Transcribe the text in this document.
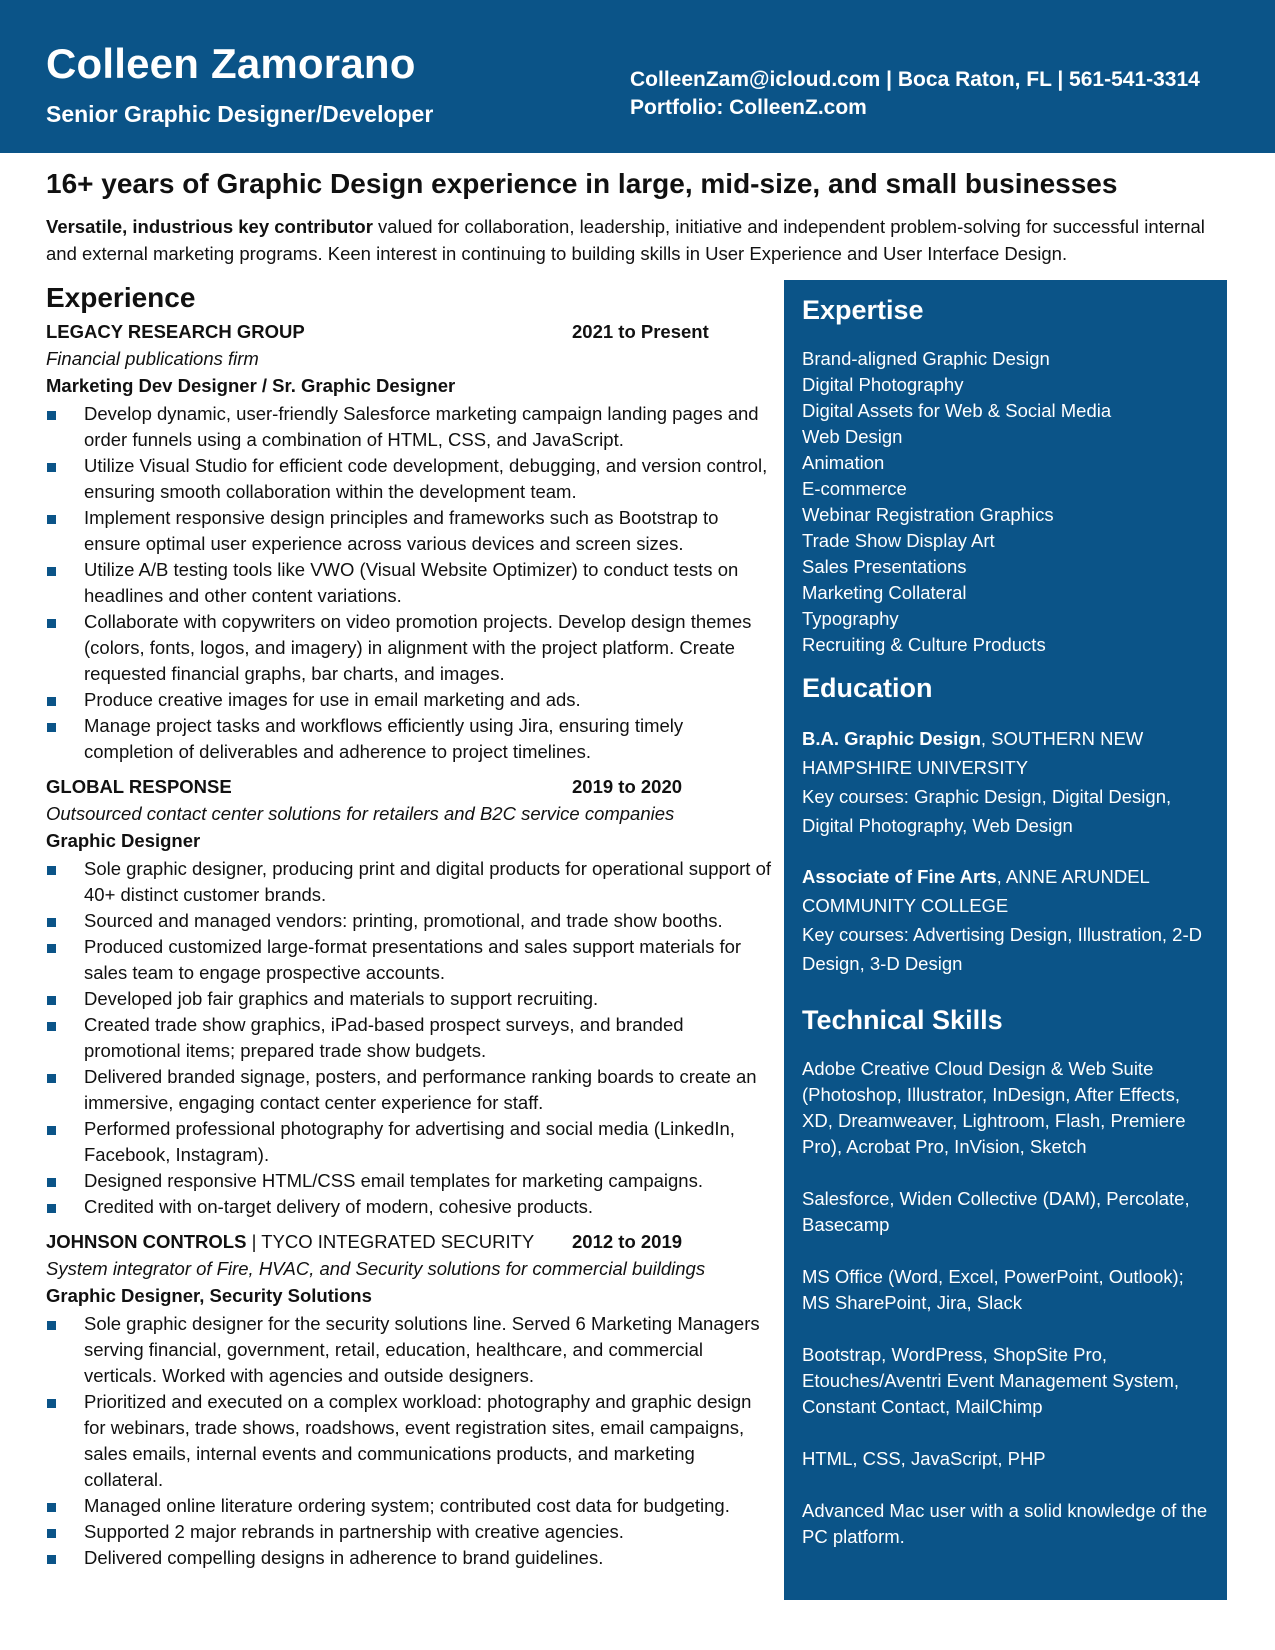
Colleen Zamorano
Senior Graphic Designer/Developer
ColleenZam@icloud.com | Boca Raton, FL | 561-541-3314
Portfolio: ColleenZ.com
16+ years of Graphic Design experience in large, mid-size, and small businesses
Versatile, industrious key contributor valued for collaboration, leadership, initiative and independent problem-solving for successful internal and external marketing programs. Keen interest in continuing to building skills in User Experience and User Interface Design.
Experience
LEGACY RESEARCH GROUP	2021 to Present
Financial publications firm
Marketing Dev Designer / Sr. Graphic Designer
Develop dynamic, user-friendly Salesforce marketing campaign landing pages and order funnels using a combination of HTML, CSS, and JavaScript.
Utilize Visual Studio for efficient code development, debugging, and version control, ensuring smooth collaboration within the development team.
Implement responsive design principles and frameworks such as Bootstrap to ensure optimal user experience across various devices and screen sizes.
Utilize A/B testing tools like VWO (Visual Website Optimizer) to conduct tests on headlines and other content variations.
Collaborate with copywriters on video promotion projects. Develop design themes (colors, fonts, logos, and imagery) in alignment with the project platform. Create requested financial graphs, bar charts, and images.
Produce creative images for use in email marketing and ads.
Manage project tasks and workflows efficiently using Jira, ensuring timely completion of deliverables and adherence to project timelines.
GLOBAL RESPONSE	2019 to 2020
Outsourced contact center solutions for retailers and B2C service companies
Graphic Designer
Sole graphic designer, producing print and digital products for operational support of 40+ distinct customer brands.
Sourced and managed vendors: printing, promotional, and trade show booths.
Produced customized large-format presentations and sales support materials for sales team to engage prospective accounts.
Developed job fair graphics and materials to support recruiting.
Created trade show graphics, iPad-based prospect surveys, and branded promotional items; prepared trade show budgets.
Delivered branded signage, posters, and performance ranking boards to create an immersive, engaging contact center experience for staff.
Performed professional photography for advertising and social media (LinkedIn, Facebook, Instagram).
Designed responsive HTML/CSS email templates for marketing campaigns.
Credited with on-target delivery of modern, cohesive products.
JOHNSON CONTROLS | TYCO INTEGRATED SECURITY 2012 to 2019
System integrator of Fire, HVAC, and Security solutions for commercial buildings
Graphic Designer, Security Solutions
Sole graphic designer for the security solutions line. Served 6 Marketing Managers serving financial, government, retail, education, healthcare, and commercial verticals. Worked with agencies and outside designers.
Prioritized and executed on a complex workload: photography and graphic design for webinars, trade shows, roadshows, event registration sites, email campaigns, sales emails, internal events and communications products, and marketing collateral.
Managed online literature ordering system; contributed cost data for budgeting.
Supported 2 major rebrands in partnership with creative agencies.
Delivered compelling designs in adherence to brand guidelines.
Expertise
Brand-aligned Graphic Design
Digital Photography
Digital Assets for Web & Social Media
Web Design
Animation
E-commerce
Webinar Registration Graphics
Trade Show Display Art
Sales Presentations
Marketing Collateral
Typography
Recruiting & Culture Products
Education
B.A. Graphic Design, SOUTHERN NEW HAMPSHIRE UNIVERSITY
Key courses: Graphic Design, Digital Design, Digital Photography, Web Design
Associate of Fine Arts, ANNE ARUNDEL COMMUNITY COLLEGE
Key courses: Advertising Design, Illustration, 2-D Design, 3-D Design
Technical Skills
Adobe Creative Cloud Design & Web Suite (Photoshop, Illustrator, InDesign, After Effects, XD, Dreamweaver, Lightroom, Flash, Premiere Pro), Acrobat Pro, InVision, Sketch
Salesforce, Widen Collective (DAM), Percolate, Basecamp
MS Office (Word, Excel, PowerPoint, Outlook); MS SharePoint, Jira, Slack
Bootstrap, WordPress, ShopSite Pro, Etouches/Aventri Event Management System, Constant Contact, MailChimp
HTML, CSS, JavaScript, PHP
Advanced Mac user with a solid knowledge of the PC platform.
